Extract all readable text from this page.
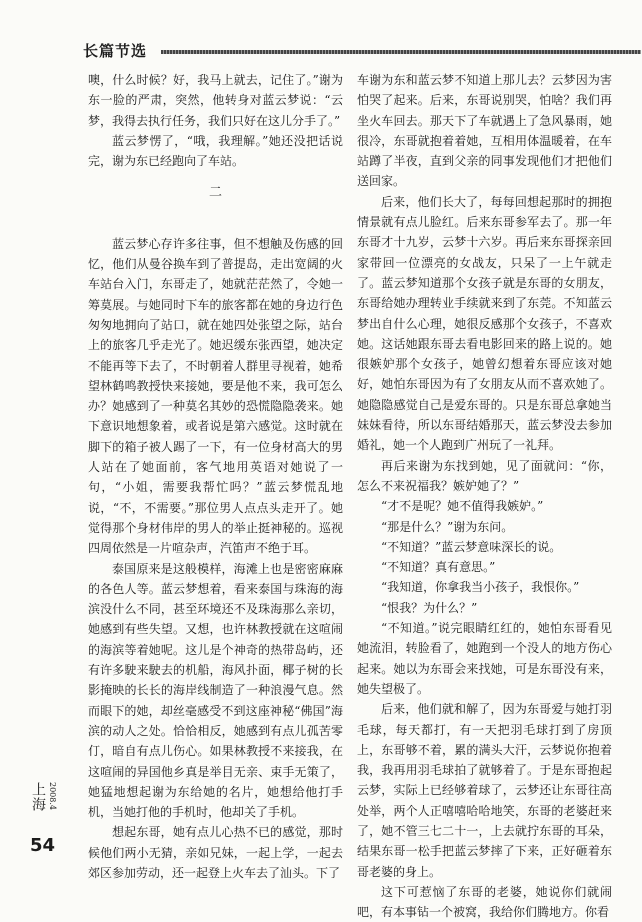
长篇节选

噢，什么时候？好，我马上就去，记住了。”谢为东一脸的严肃，突然，他转身对蓝云梦说：“云梦，我得去执行任务，我们只好在这儿分手了。”

蓝云梦愣了，“哦，我理解。”她还没把话说完，谢为东已经跑向了车站。

二

蓝云梦心存许多往事，但不想触及伤感的回忆，他们从曼谷换车到了普提岛，走出宽阔的火车站台入门，东哥走了，她就茫茫然了，令她一筹莫展。与她同时下车的旅客都在她的身边行色匆匆地拥向了站口，就在她四处张望之际，站台上的旅客几乎走光了。她迟缓东张西望，她决定不能再等下去了，不时朝着人群里寻视着，她希望林鹤鸣教授快来接她，要是他不来，我可怎么办？她感到了一种莫名其妙的恐慌隐隐袭来。她下意识地想象着，或者说是第六感觉。这时就在脚下的箱子被人踢了一下，有一位身材高大的男人站在了她面前，客气地用英语对她说了一句，“小姐，需要我帮忙吗？”蓝云梦慌乱地说，“不，不需要。”那位男人点点头走开了。她觉得那个身材伟岸的男人的举止挺神秘的。巡视四周依然是一片喧杂声，汽笛声不绝于耳。

泰国原来是这般模样，海滩上也是密密麻麻的各色人等。蓝云梦想着，看来泰国与珠海的海滨没什么不同，甚至环境还不及珠海那么亲切，她感到有些失望。又想，也许林教授就在这喧闹的海滨等着她呢。这儿是个神奇的热带岛屿，还有许多駛来駛去的机船，海风扑面，椰子树的长影掩映的长长的海岸线制造了一种浪漫气息。然而眼下的她，却丝毫感受不到这座神秘“佛国”海滨的动人之处。恰恰相反，她感到有点儿孤苦零仃，暗自有点儿伤心。如果林教授不来接我，在这喧闹的异国他乡真是举目无亲、束手无策了，她猛地想起谢为东给她的名片，她想给他打手机，当她打他的手机时，他却关了手机。

想起东哥，她有点儿心热不已的感觉，那时候他们两小无猜，亲如兄妹，一起上学，一起去郊区参加劳动，还一起登上火车去了汕头。下了

车谢为东和蓝云梦不知道上那儿去？云梦因为害怕哭了起来。后来，东哥说别哭，怕啥？我们再坐火车回去。那天下了车就遇上了急风暴雨，她很冷，东哥就抱着着她，互相用体温暖着，在车站蹲了半夜，直到父亲的同事发现他们才把他们送回家。

后来，他们长大了，每每回想起那时的拥抱情景就有点儿脸红。后来东哥参军去了。那一年东哥才十九岁，云梦十六岁。再后来东哥探亲回家带回一位漂亮的女战友，只呆了一上午就走了。蓝云梦知道那个女孩子就是东哥的女朋友，东哥给她办理转业手续就来到了东莞。不知蓝云梦出自什么心理，她很反感那个女孩子，不喜欢她。这话她跟东哥去看电影回来的路上说的。她很嫉妒那个女孩子，她曾幻想着东哥应该对她好，她怕东哥因为有了女朋友从而不喜欢她了。她隐隐感觉自己是爱东哥的。只是东哥总拿她当妹妹看待，所以东哥结婚那天，蓝云梦没去参加婚礼，她一个人跑到广州玩了一礼拜。

再后来谢为东找到她，见了面就问：“你，怎么不来祝福我？嫉妒她了？”

“才不是呢？她不值得我嫉妒。”

“那是什么？”谢为东问。

“不知道？”蓝云梦意味深长的说。

“不知道？真有意思。”

“我知道，你拿我当小孩子，我恨你。”

“恨我？为什么？”

“不知道。”说完眼睛红红的，她怕东哥看见她流泪，转脸看了，她跑到一个没人的地方伤心起来。她以为东哥会来找她，可是东哥没有来，她失望极了。

后来，他们就和解了，因为东哥爱与她打羽毛球，每天都打，有一天把羽毛球打到了房顶上，东哥够不着，累的满头大汗，云梦说你抱着我，我再用羽毛球拍了就够着了。于是东哥抱起云梦，实际上已经够着球了，云梦还让东哥往高处举，两个人正嘻嘻哈哈地笑，东哥的老婆赶来了，她不管三七二十一，上去就拧东哥的耳朵，结果东哥一松手把蓝云梦摔了下来，正好砸着东哥老婆的身上。

这下可惹恼了东哥的老婆，她说你们就闹吧，有本事钻一个被窝，我给你们腾地方。你看

上海 2008.4
54
